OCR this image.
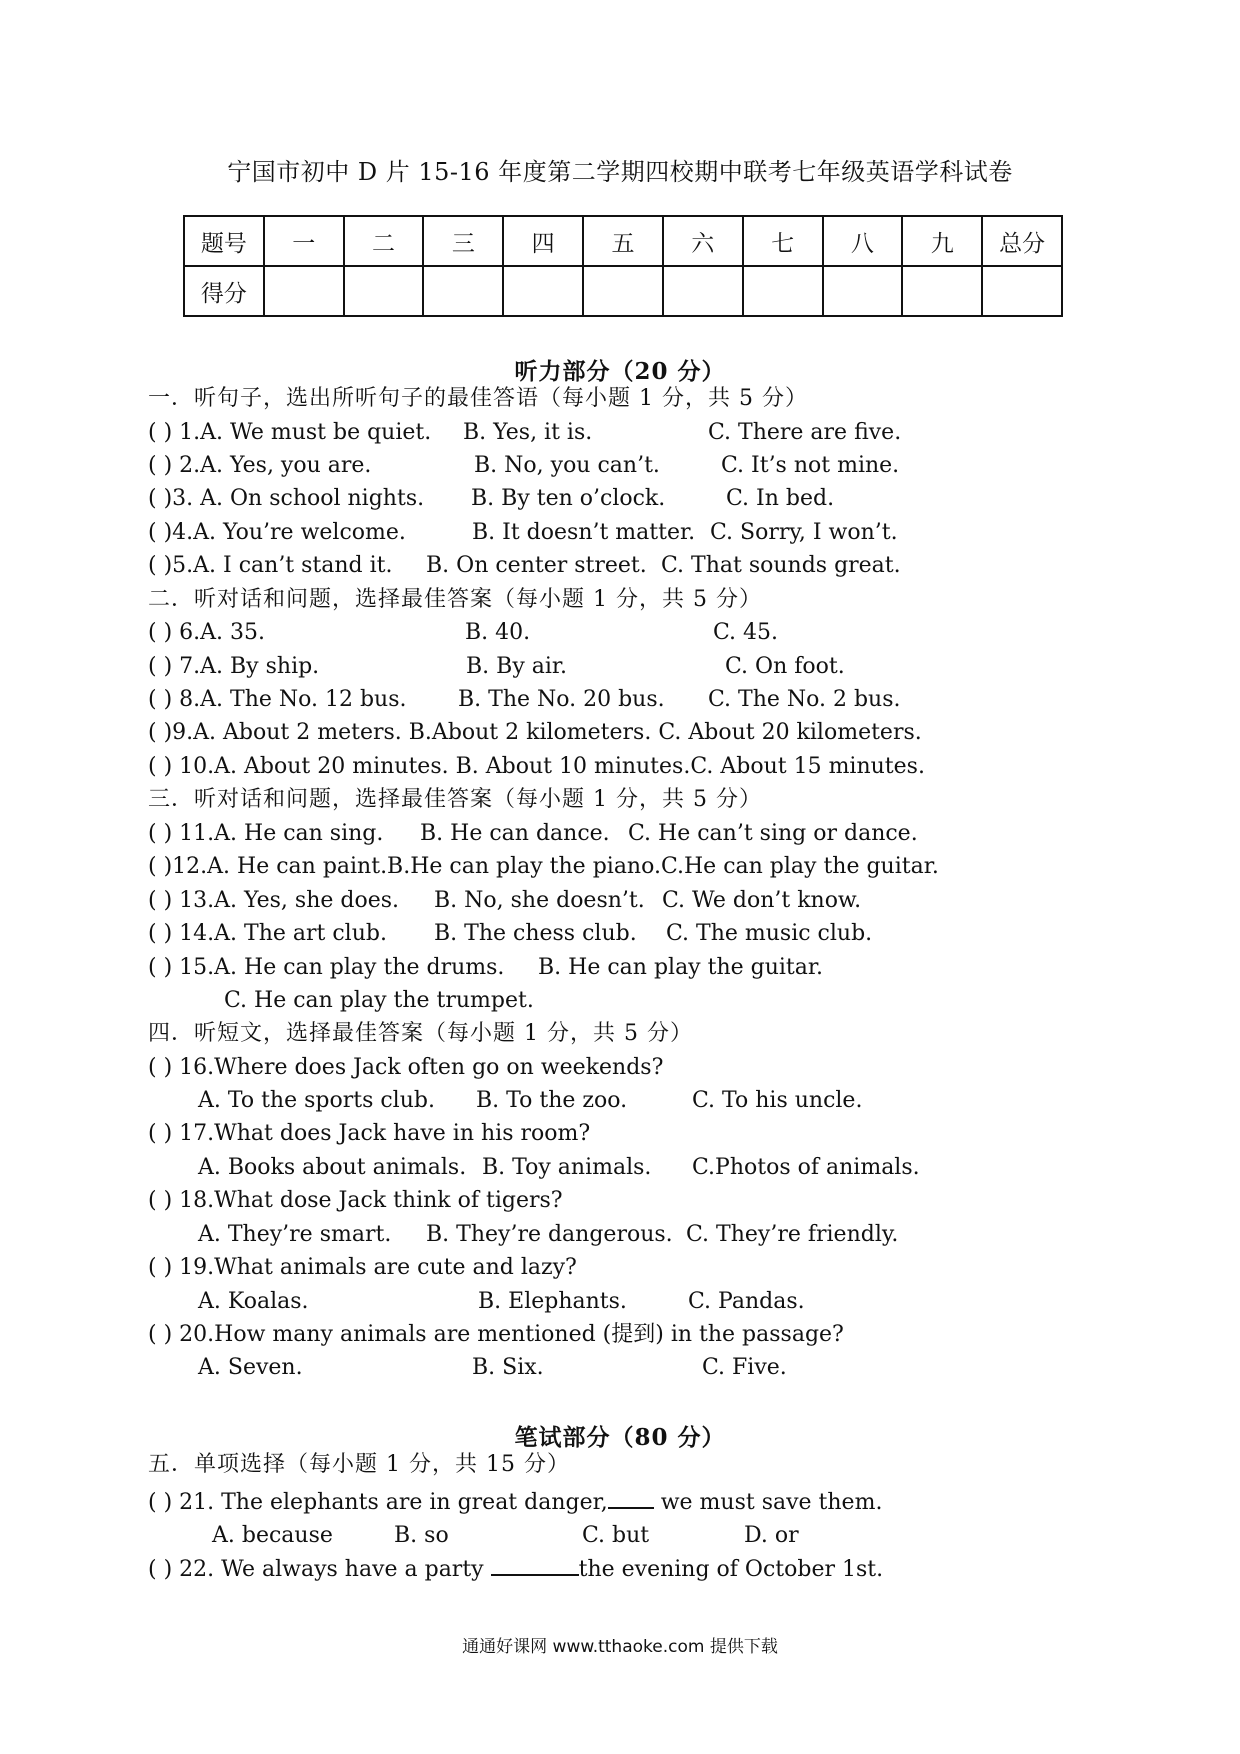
宁国市初中 D 片 15-16 年度第二学期四校期中联考七年级英语学科试卷
题号	一	二	三	四	五	六	七	八	九	总分
得分										
听力部分（20 分）
一．听句子，选出所听句子的最佳答语（每小题 1 分，共 5 分）
( ) 1.A. We must be quiet. B. Yes, it is.	C. There are five.
( ) 2.A. Yes, you are.	B. No, you can’t.	C. It’s not mine.
( )3. A. On school nights. B. By ten o’clock.	C. In bed.
( )4.A. You’re welcome.	B. It doesn’t matter. C. Sorry, I won’t.
( )5.A. I can’t stand it. B. On center street. C. That sounds great.
二．听对话和问题，选择最佳答案（每小题 1 分，共 5 分）
( ) 6.A. 35.	B. 40.	C. 45.
( ) 7.A. By ship.	B. By air.	C. On foot.
( ) 8.A. The No. 12 bus. B. The No. 20 bus. C. The No. 2 bus.
( )9.A. About 2 meters. B.About 2 kilometers. C. About 20 kilometers.
( ) 10.A. About 20 minutes. B. About 10 minutes.C. About 15 minutes.
三．听对话和问题，选择最佳答案（每小题 1 分，共 5 分）
( ) 11.A. He can sing. B. He can dance. C. He can’t sing or dance.
( )12.A. He can paint.B.He can play the piano.C.He can play the guitar.
( ) 13.A. Yes, she does. B. No, she doesn’t. C. We don’t know.
( ) 14.A. The art club. B. The chess club. C. The music club.
( ) 15.A. He can play the drums. B. He can play the guitar.
C. He can play the trumpet.
四．听短文，选择最佳答案（每小题 1 分，共 5 分）
( ) 16.Where does Jack often go on weekends?
A. To the sports club. B. To the zoo.	C. To his uncle.
( ) 17.What does Jack have in his room?
A. Books about animals. B. Toy animals. C.Photos of animals.
( ) 18.What dose Jack think of tigers?
A. They’re smart. B. They’re dangerous. C. They’re friendly.
( ) 19.What animals are cute and lazy?
A. Koalas.	B. Elephants.	C. Pandas.
( ) 20.How many animals are mentioned (提到) in the passage?
A. Seven.	B. Six.	C. Five.
笔试部分（80 分）
五．单项选择（每小题 1 分，共 15 分）
( ) 21. The elephants are in great danger, we must save them.
A. because	B. so	C. but	D. or
( ) 22. We always have a party	the evening of October 1st.
通通好课网 www.tthaoke.com 提供下载
